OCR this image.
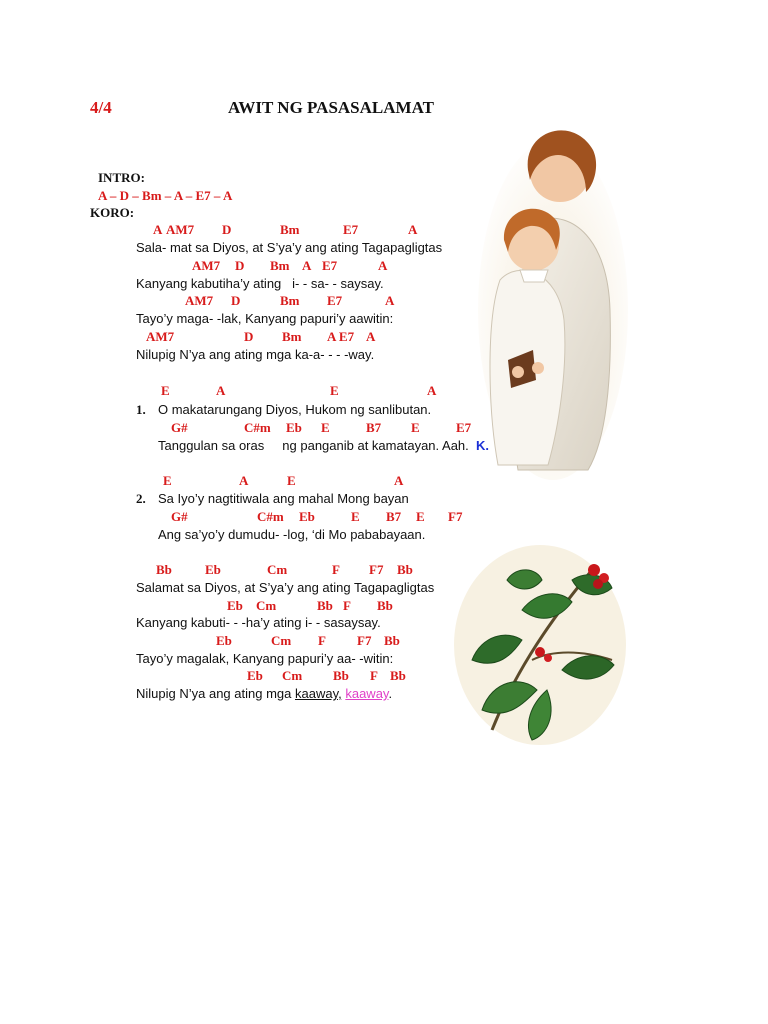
4/4	AWIT NG PASASALAMAT

INTRO:
A – D – Bm – A – E7 – A

KORO:
A AM7 D	Bm	E7	A
Sala- mat sa Diyos, at S’ya’y ang ating Tagapagligtas
AM7 D Bm A E7	A
Kanyang kabutiha’y ating   i- - sa- - saysay.
AM7 D	Bm E7	A
Tayo’y maga- -lak, Kanyang papuri’y aawitin:
AM7	D Bm A E7 A
Nilupig N’ya ang ating mga ka-a- - - -way.
E	A	E	A
1. O makatarungang Diyos, Hukom ng sanlibutan.
G#	C#m Eb E	B7 E	E7
Tanggulan sa oras     ng panganib at kamatayan. Aah. K.
E	A	E	A
2. Sa Iyo’y nagtitiwala ang mahal Mong bayan
G#	C#m Eb	E B7 E F7
Ang sa’yo’y dumudu- -log, ‘di Mo pababayaan.
Bb	Eb	Cm	F F7 Bb
Salamat sa Diyos, at S’ya’y ang ating Tagapagligtas
Eb Cm	Bb F Bb
Kanyang kabuti- - -ha’y ating i- - sasaysay.
Eb	Cm F F7 Bb
Tayo’y magalak, Kanyang papuri’y aa- -witin:
Eb Cm Bb F Bb
Nilupig N’ya ang ating mga kaaway, kaaway.
